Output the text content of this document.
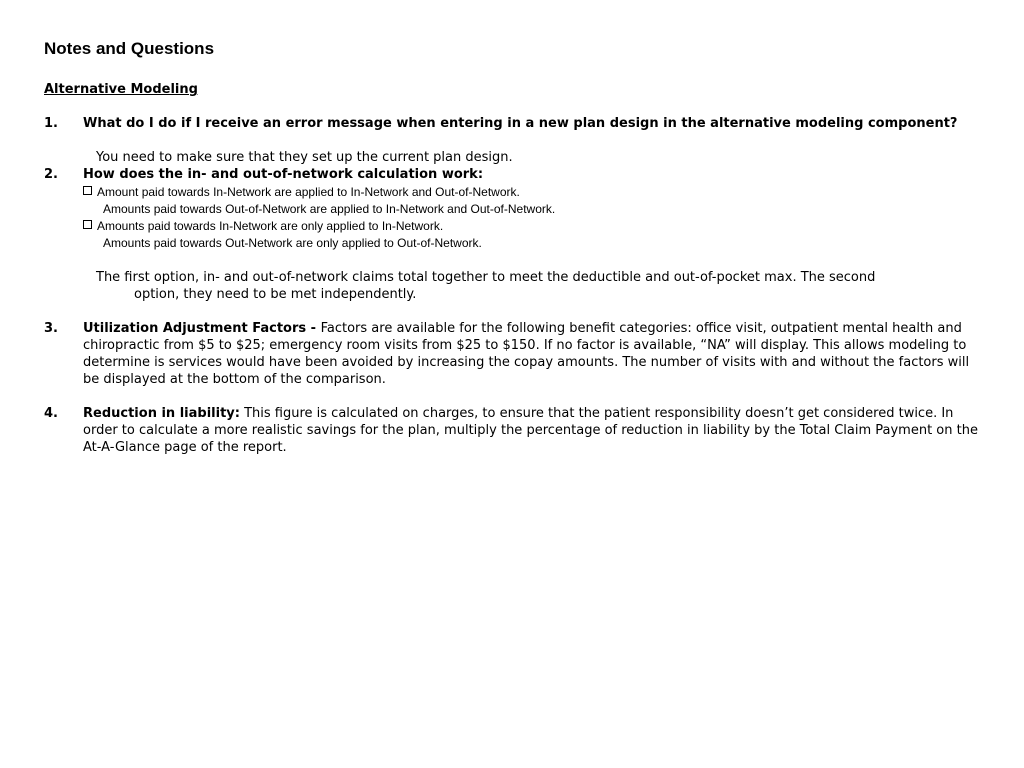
Notes and Questions
Alternative Modeling
1. What do I do if I receive an error message when entering in a new plan design in the alternative modeling component?
You need to make sure that they set up the current plan design.
2. How does the in- and out-of-network calculation work:
Amount paid towards In-Network are applied to In-Network and Out-of-Network.
Amounts paid towards Out-of-Network are applied to In-Network and Out-of-Network.
Amounts paid towards In-Network are only applied to In-Network.
Amounts paid towards Out-Network are only applied to Out-of-Network.
The first option, in- and out-of-network claims total together to meet the deductible and out-of-pocket max. The second
option, they need to be met independently.
3. Utilization Adjustment Factors - Factors are available for the following benefit categories: office visit, outpatient mental health and chiropractic from $5 to $25; emergency room visits from $25 to $150. If no factor is available, “NA” will display. This allows modeling to determine is services would have been avoided by increasing the copay amounts. The number of visits with and without the factors will be displayed at the bottom of the comparison.

4. Reduction in liability: This figure is calculated on charges, to ensure that the patient responsibility doesn’t get considered twice. In order to calculate a more realistic savings for the plan, multiply the percentage of reduction in liability by the Total Claim Payment on the At-A-Glance page of the report.
